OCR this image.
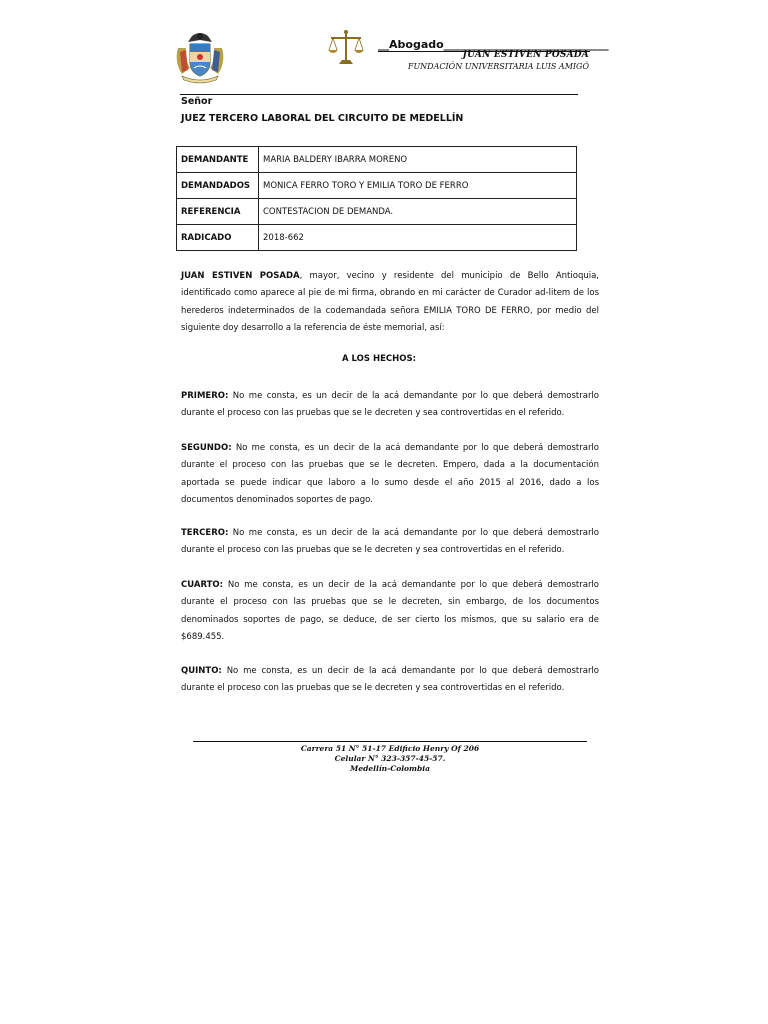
__Abogado______________________________
JUAN ESTIVEN POSADA
FUNDACIÓN UNIVERSITARIA LUIS AMIGÓ
Señor
JUEZ TERCERO LABORAL DEL CIRCUITO DE MEDELLÍN
DEMANDANTE	MARIA BALDERY IBARRA MORENO
DEMANDADOS	MONICA FERRO TORO Y EMILIA TORO DE FERRO
REFERENCIA	CONTESTACION DE DEMANDA.
RADICADO	2018-662
JUAN ESTIVEN POSADA, mayor, vecino y residente del municipio de Bello Antioquia, identificado como aparece al pie de mi firma, obrando en mi carácter de Curador ad-litem de los herederos indeterminados de la codemandada señora EMILIA TORO DE FERRO, por medio del siguiente doy desarrollo a la referencia de éste memorial, así:
A LOS HECHOS:
PRIMERO: No me consta, es un decir de la acá demandante por lo que deberá demostrarlo durante el proceso con las pruebas que se le decreten y sea controvertidas en el referido.
SEGUNDO: No me consta, es un decir de la acá demandante por lo que deberá demostrarlo durante el proceso con las pruebas que se le decreten. Empero, dada a la documentación aportada se puede indicar que laboro a lo sumo desde el año 2015 al 2016, dado a los documentos denominados soportes de pago.
TERCERO: No me consta, es un decir de la acá demandante por lo que deberá demostrarlo durante el proceso con las pruebas que se le decreten y sea controvertidas en el referido.
CUARTO: No me consta, es un decir de la acá demandante por lo que deberá demostrarlo durante el proceso con las pruebas que se le decreten, sin embargo, de los documentos denominados soportes de pago, se deduce, de ser cierto los mismos, que su salario era de $689.455.
QUINTO: No me consta, es un decir de la acá demandante por lo que deberá demostrarlo durante el proceso con las pruebas que se le decreten y sea controvertidas en el referido.
Carrera 51 N° 51-17 Edificio Henry Of 206
Celular N° 323-357-45-57.
Medellín-Colombia
